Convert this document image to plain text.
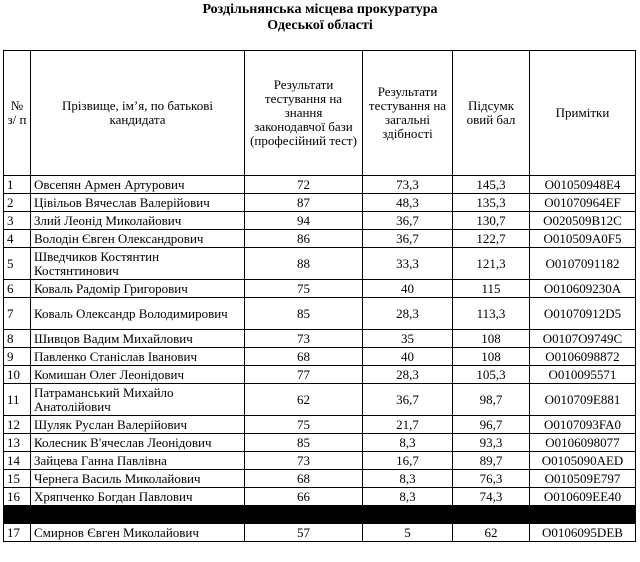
Роздільнянська місцева прокуратура
Одеської області
№ з/ п	Прізвище, ім’я, по батькові кандидата	Результати тестування на знання законодавчої бази (професійний тест)	Результати тестування на загальні здібності	Підсумк овий бал	Примітки
1	Овсепян Армен Артурович	72	73,3	145,3	O01050948E4
2	Цівільов Вячеслав Валерійович	87	48,3	135,3	O01070964EF
3	Злий Леонід Миколайович	94	36,7	130,7	O020509B12C
4	Володін Євген Олександрович	86	36,7	122,7	O010509A0F5
5	Шведчиков Костянтин Костянтинович	88	33,3	121,3	O0107091182
6	Коваль Радомір Григорович	75	40	115	O010609230A
7	Коваль Олександр Володимирович	85	28,3	113,3	O01070912D5
8	Шивцов Вадим Михайлович	73	35	108	O0107O9749C
9	Павленко Станіслав Іванович	68	40	108	O0106098872
10	Комишан Олег Леонідович	77	28,3	105,3	O010095571
11	Патраманський Михайло Анатолійович	62	36,7	98,7	O010709E881
12	Шуляк Руслан Валерійович	75	21,7	96,7	O0107093FA0
13	Колесник В'ячеслав Леонідович	85	8,3	93,3	O0106098077
14	Зайцева Ганна Павлівна	73	16,7	89,7	O0105090AED
15	Чернега Василь Миколайович	68	8,3	76,3	O010509E797
16	Хряпченко Богдан Павлович	66	8,3	74,3	O010609EE40

17	Смирнов Євген Миколайович	57	5	62	O0106095DEB
